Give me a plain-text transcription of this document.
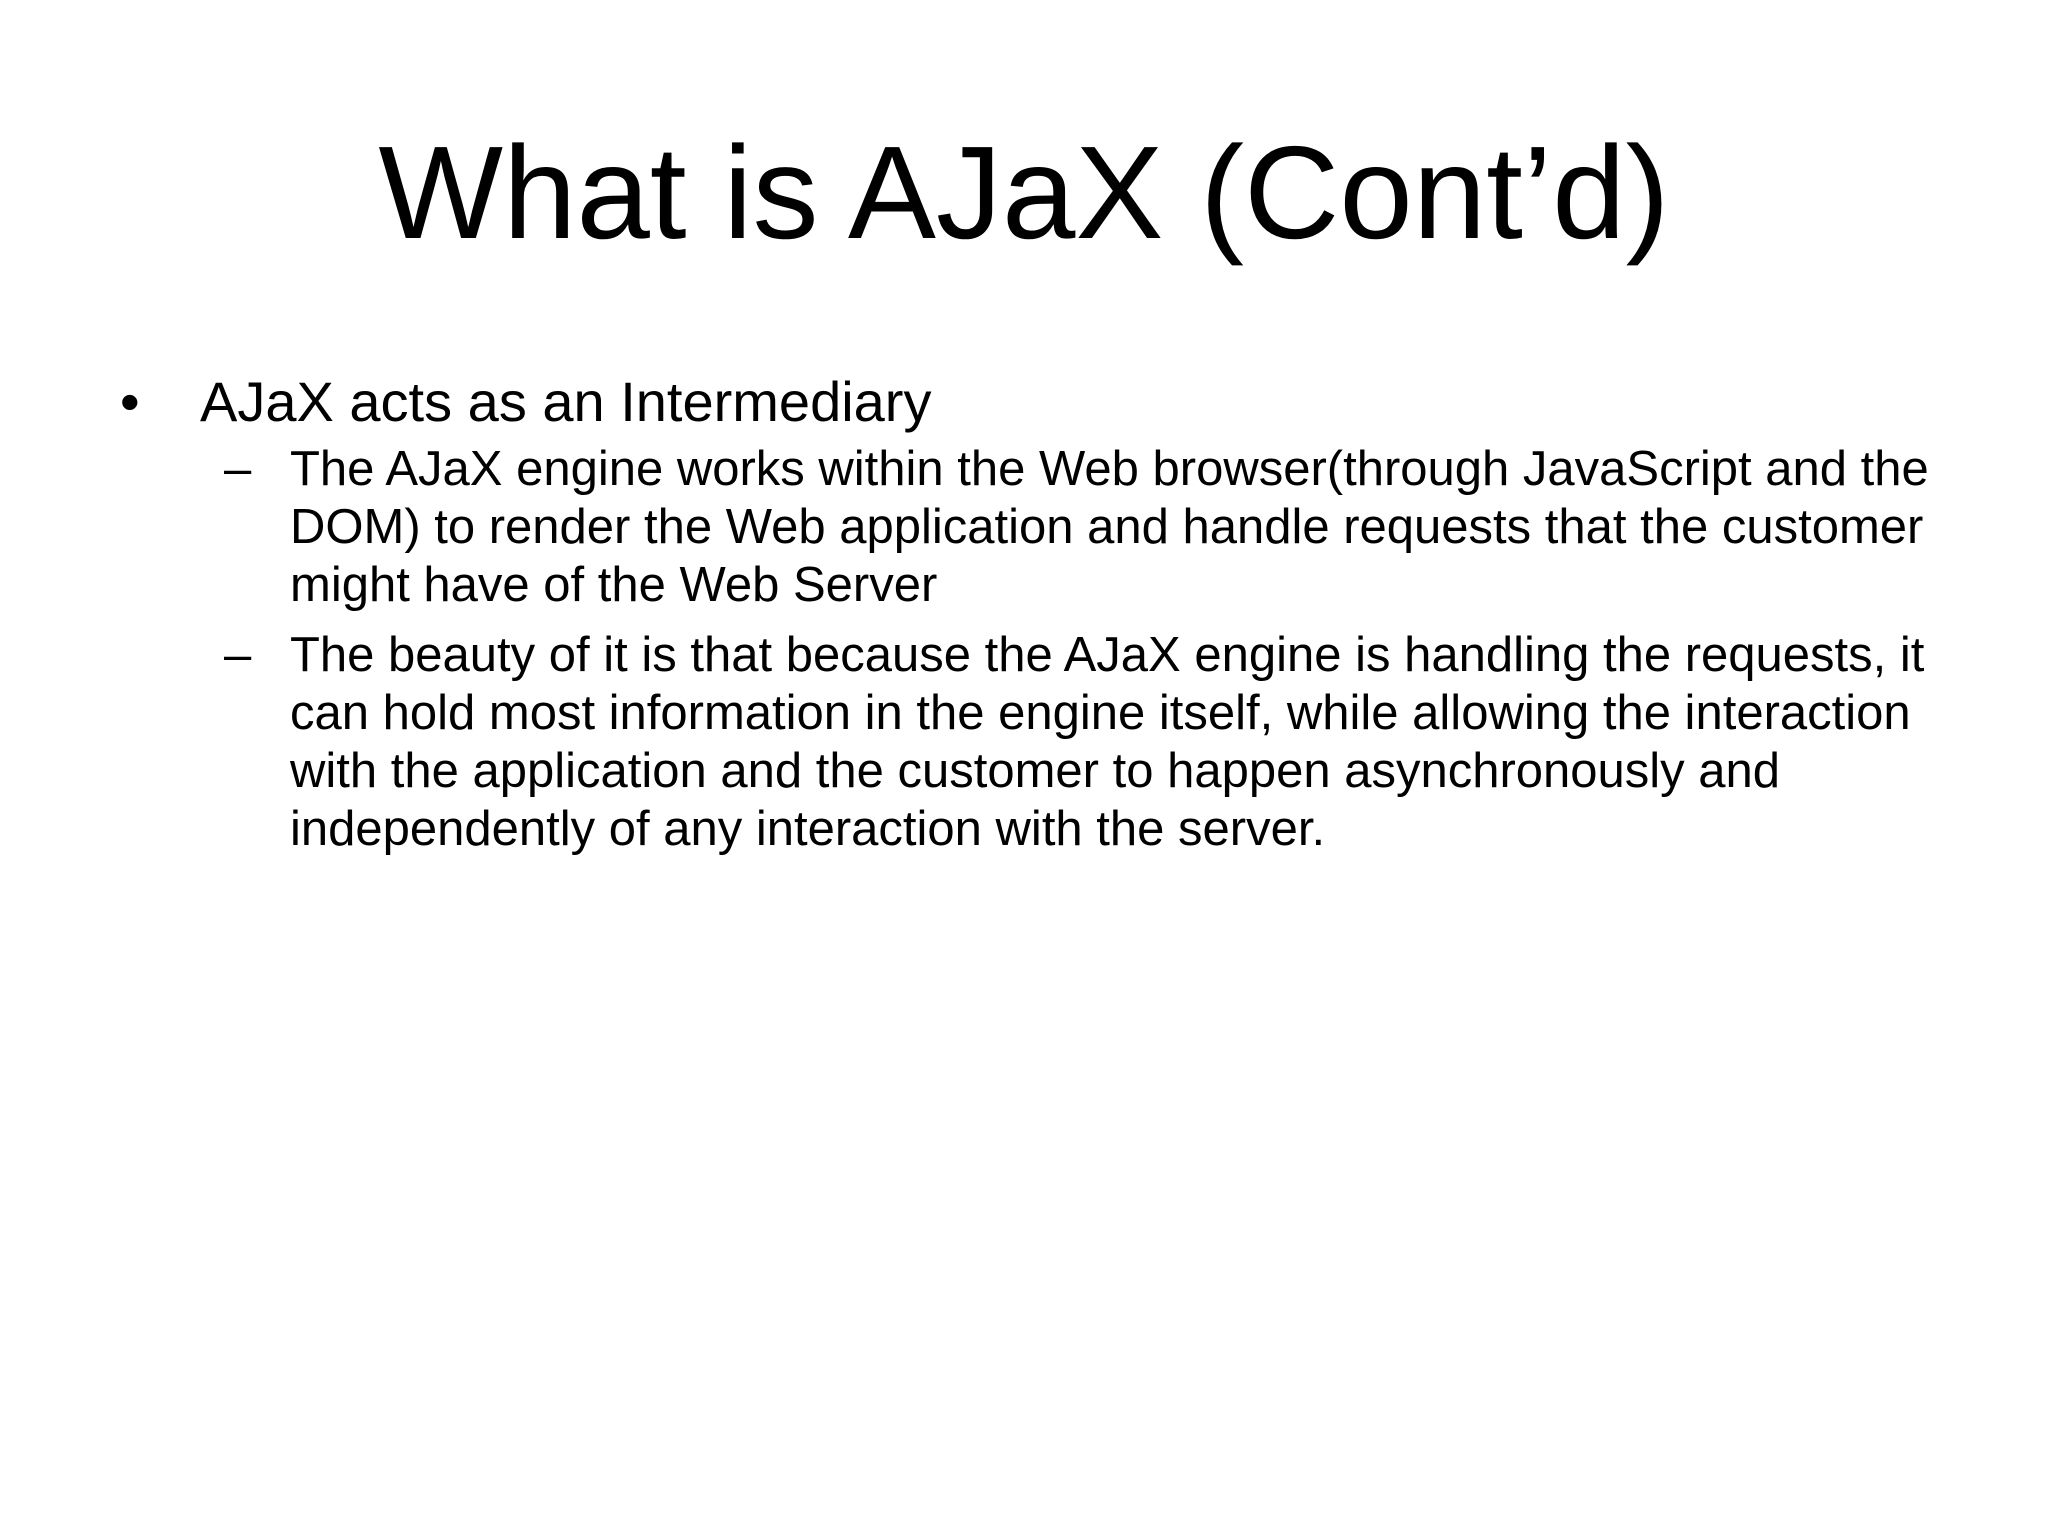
What is AJaX (Cont’d)
•	AJaX acts as an Intermediary
– The AJaX engine works within the Web browser(through JavaScript and the DOM) to render the Web application and handle requests that the customer might have of the Web Server
– The beauty of it is that because the AJaX engine is handling the requests, it can hold most information in the engine itself, while allowing the interaction with the application and the customer to happen asynchronously and independently of any interaction with the server.
